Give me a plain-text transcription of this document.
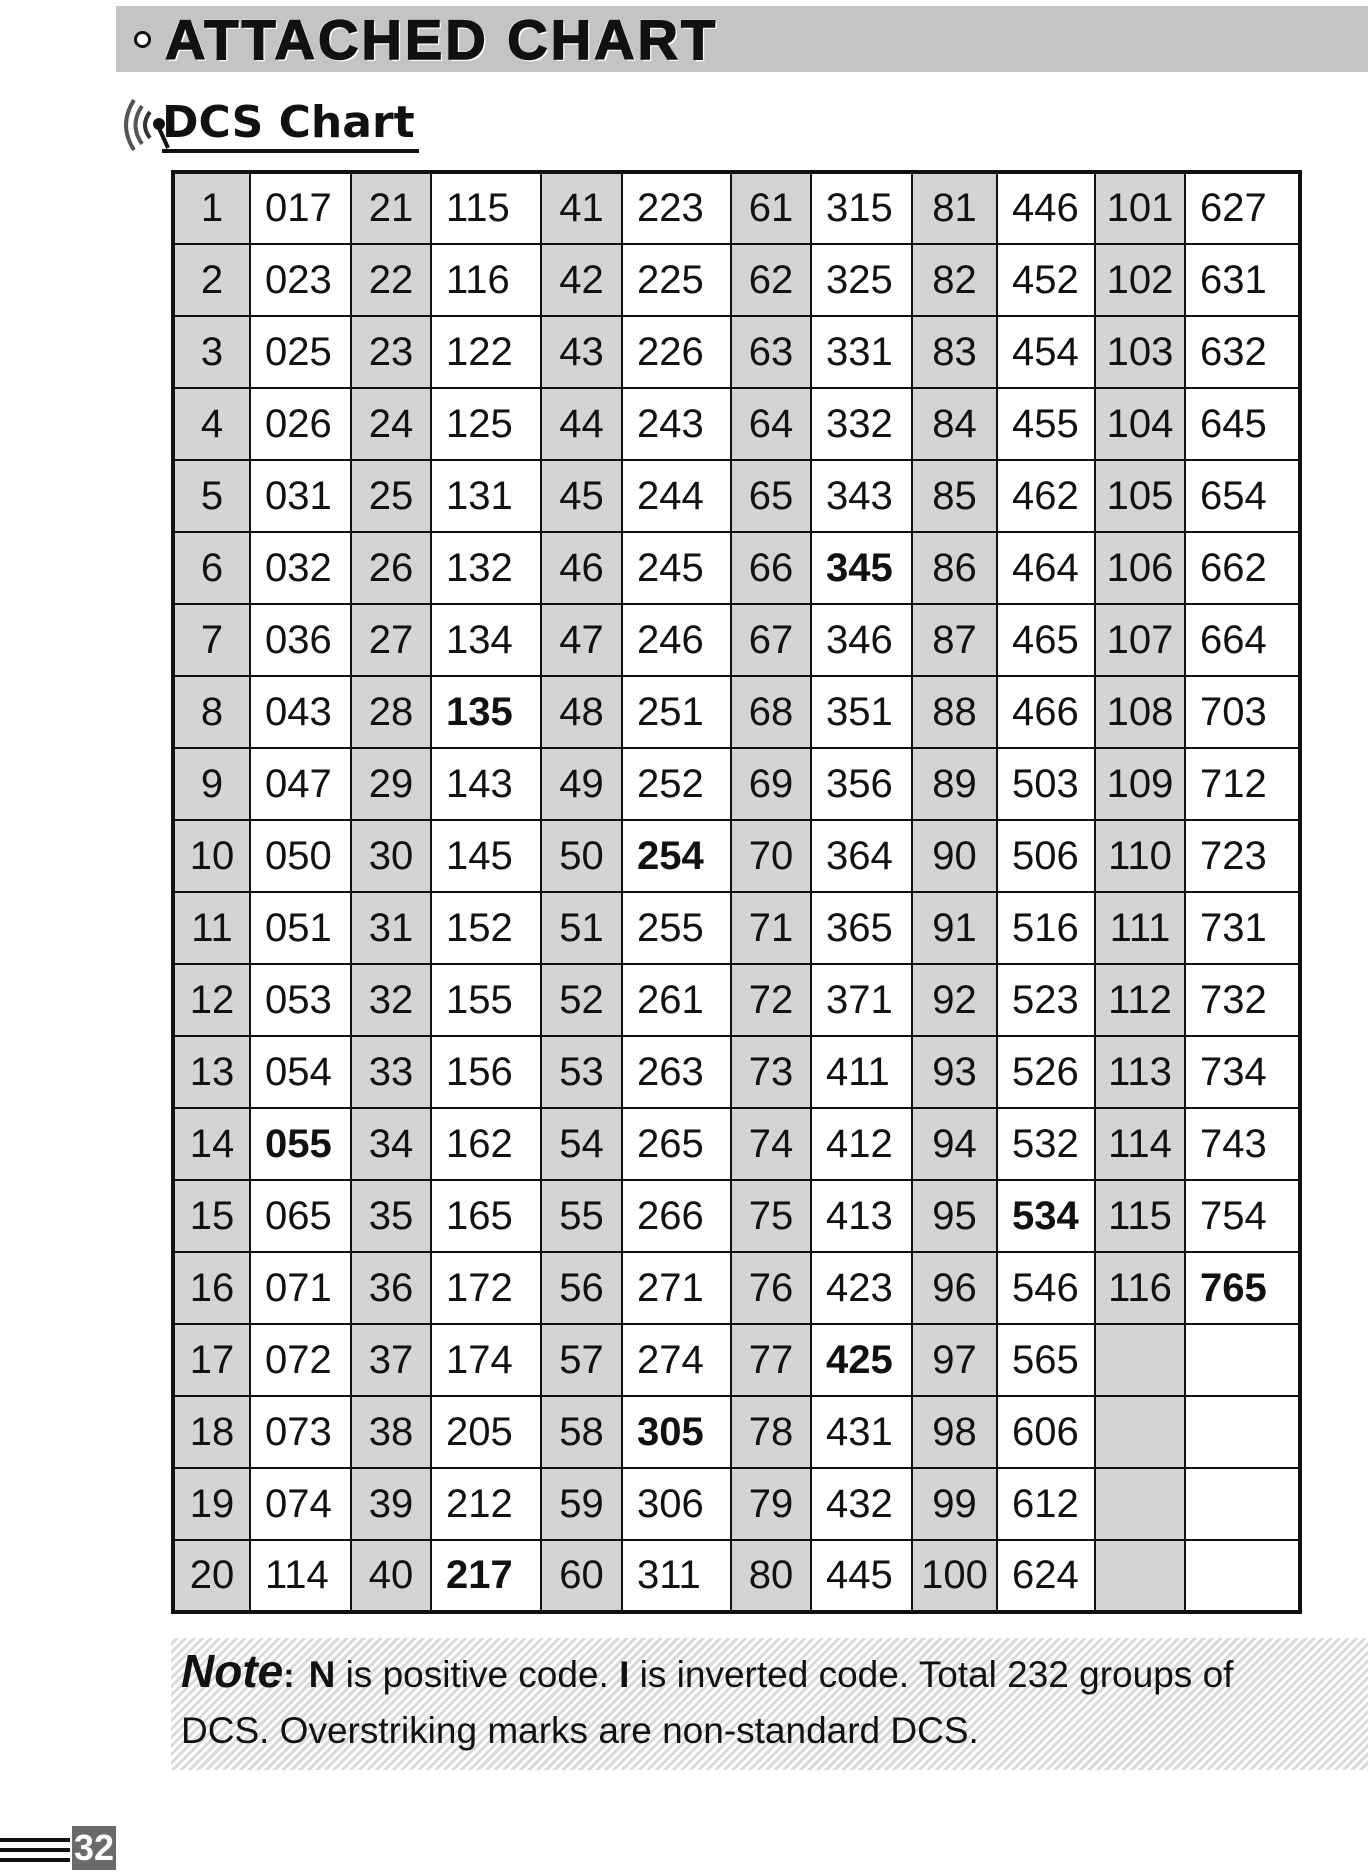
ATTACHED CHART
DCS Chart
1	017	21	115	41	223	61	315	81	446	101	627
2	023	22	116	42	225	62	325	82	452	102	631
3	025	23	122	43	226	63	331	83	454	103	632
4	026	24	125	44	243	64	332	84	455	104	645
5	031	25	131	45	244	65	343	85	462	105	654
6	032	26	132	46	245	66	345	86	464	106	662
7	036	27	134	47	246	67	346	87	465	107	664
8	043	28	135	48	251	68	351	88	466	108	703
9	047	29	143	49	252	69	356	89	503	109	712
10	050	30	145	50	254	70	364	90	506	110	723
11	051	31	152	51	255	71	365	91	516	111	731
12	053	32	155	52	261	72	371	92	523	112	732
13	054	33	156	53	263	73	411	93	526	113	734
14	055	34	162	54	265	74	412	94	532	114	743
15	065	35	165	55	266	75	413	95	534	115	754
16	071	36	172	56	271	76	423	96	546	116	765
17	072	37	174	57	274	77	425	97	565		
18	073	38	205	58	305	78	431	98	606		
19	074	39	212	59	306	79	432	99	612		
20	114	40	217	60	311	80	445	100	624		
Note: N is positive code. I is inverted code. Total 232 groups of
DCS. Overstriking marks are non-standard DCS.
32
